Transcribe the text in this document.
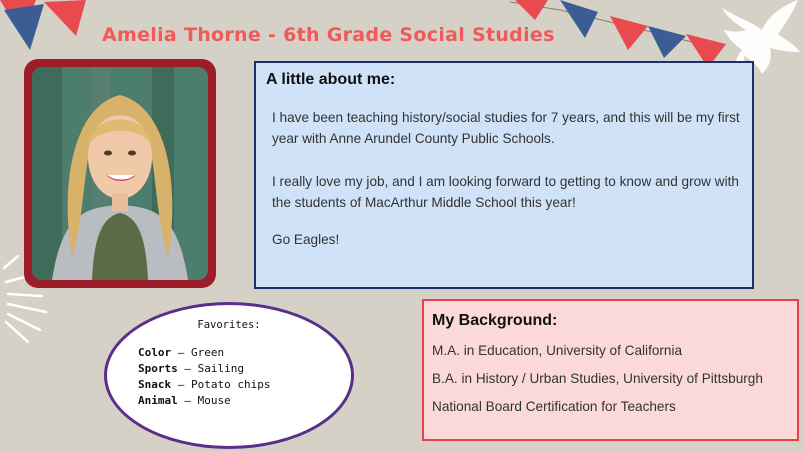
Amelia Thorne - 6th Grade Social Studies
A little about me:

I have been teaching history/social studies for 7 years, and this will be my first year with Anne Arundel County Public Schools.

I really love my job, and I am looking forward to getting to know and grow with the students of MacArthur Middle School this year!

Go Eagles!

Favorites:
Color – Green
Sports – Sailing
Snack – Potato chips
Animal – Mouse
My Background:
M.A. in Education, University of California
B.A. in History / Urban Studies, University of Pittsburgh
National Board Certification for Teachers
